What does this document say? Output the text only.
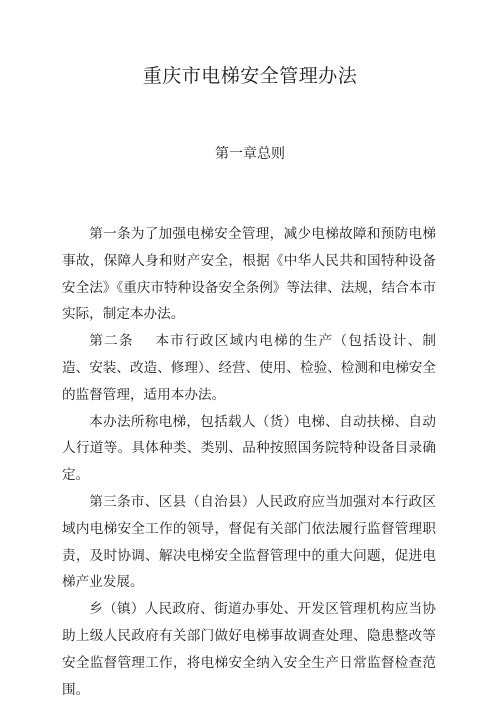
重庆市电梯安全管理办法
第一章总则

第一条为了加强电梯安全管理，减少电梯故障和预防电梯事故，保障人身和财产安全，根据《中华人民共和国特种设备安全法》《重庆市特种设备安全条例》等法律、法规，结合本市实际，制定本办法。

第二条 本市行政区域内电梯的生产（包括设计、制造、安装、改造、修理）、经营、使用、检验、检测和电梯安全的监督管理，适用本办法。

本办法所称电梯，包括载人（货）电梯、自动扶梯、自动人行道等。具体种类、类别、品种按照国务院特种设备目录确定。

第三条市、区县（自治县）人民政府应当加强对本行政区域内电梯安全工作的领导，督促有关部门依法履行监督管理职责，及时协调、解决电梯安全监督管理中的重大问题，促进电梯产业发展。

乡（镇）人民政府、街道办事处、开发区管理机构应当协助上级人民政府有关部门做好电梯事故调查处理、隐患整改等安全监督管理工作，将电梯安全纳入安全生产日常监督检查范围。
